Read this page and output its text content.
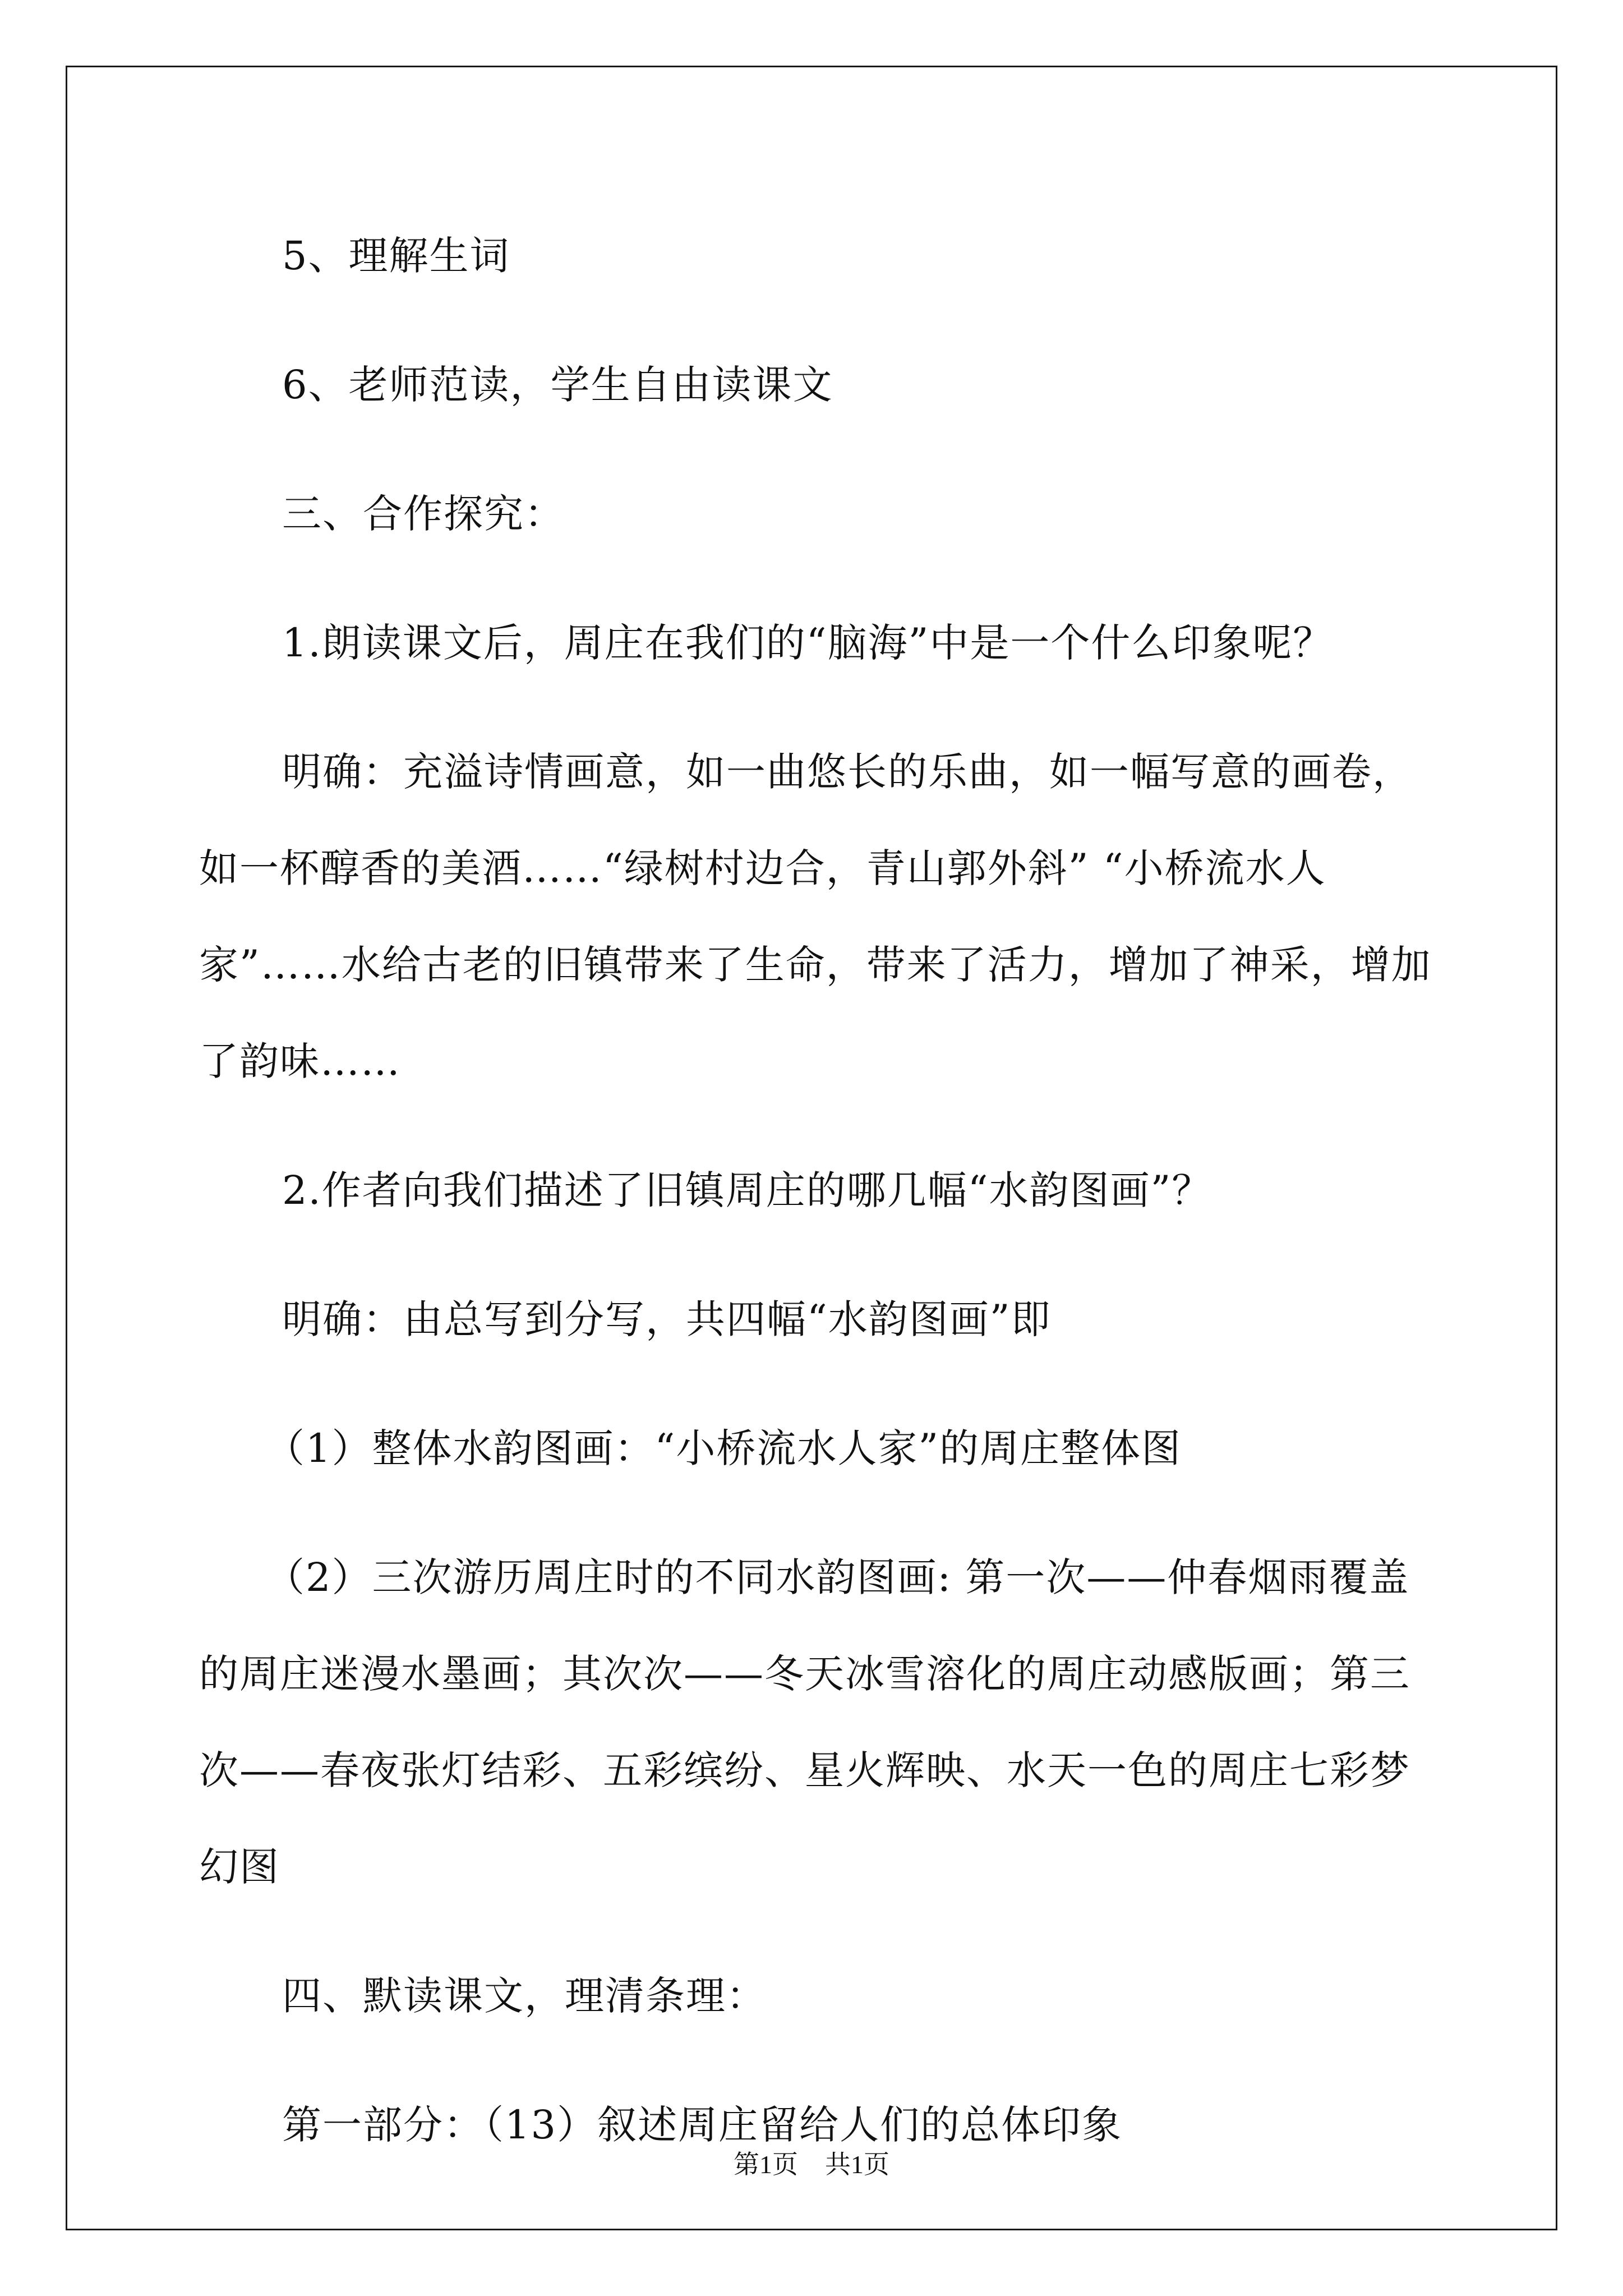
5、理解生词

6、老师范读，学生自由读课文

三、合作探究：

1.朗读课文后，周庄在我们的“脑海”中是一个什么印象呢？

明确：充溢诗情画意，如一曲悠长的乐曲，如一幅写意的画卷，如一杯醇香的美酒……“绿树村边合，青山郭外斜” “小桥流水人家”……水给古老的旧镇带来了生命，带来了活力，增加了神采，增加了韵味……

2.作者向我们描述了旧镇周庄的哪几幅“水韵图画”？

明确：由总写到分写，共四幅“水韵图画”即

（1）整体水韵图画：“小桥流水人家”的周庄整体图

（2）三次游历周庄时的不同水韵图画: 第一次——仲春烟雨覆盖的周庄迷漫水墨画；其次次——冬天冰雪溶化的周庄动感版画；第三次——春夜张灯结彩、五彩缤纷、星火辉映、水天一色的周庄七彩梦幻图

四、默读课文，理清条理：

第一部分：（13）叙述周庄留给人们的总体印象

第1页 共1页
